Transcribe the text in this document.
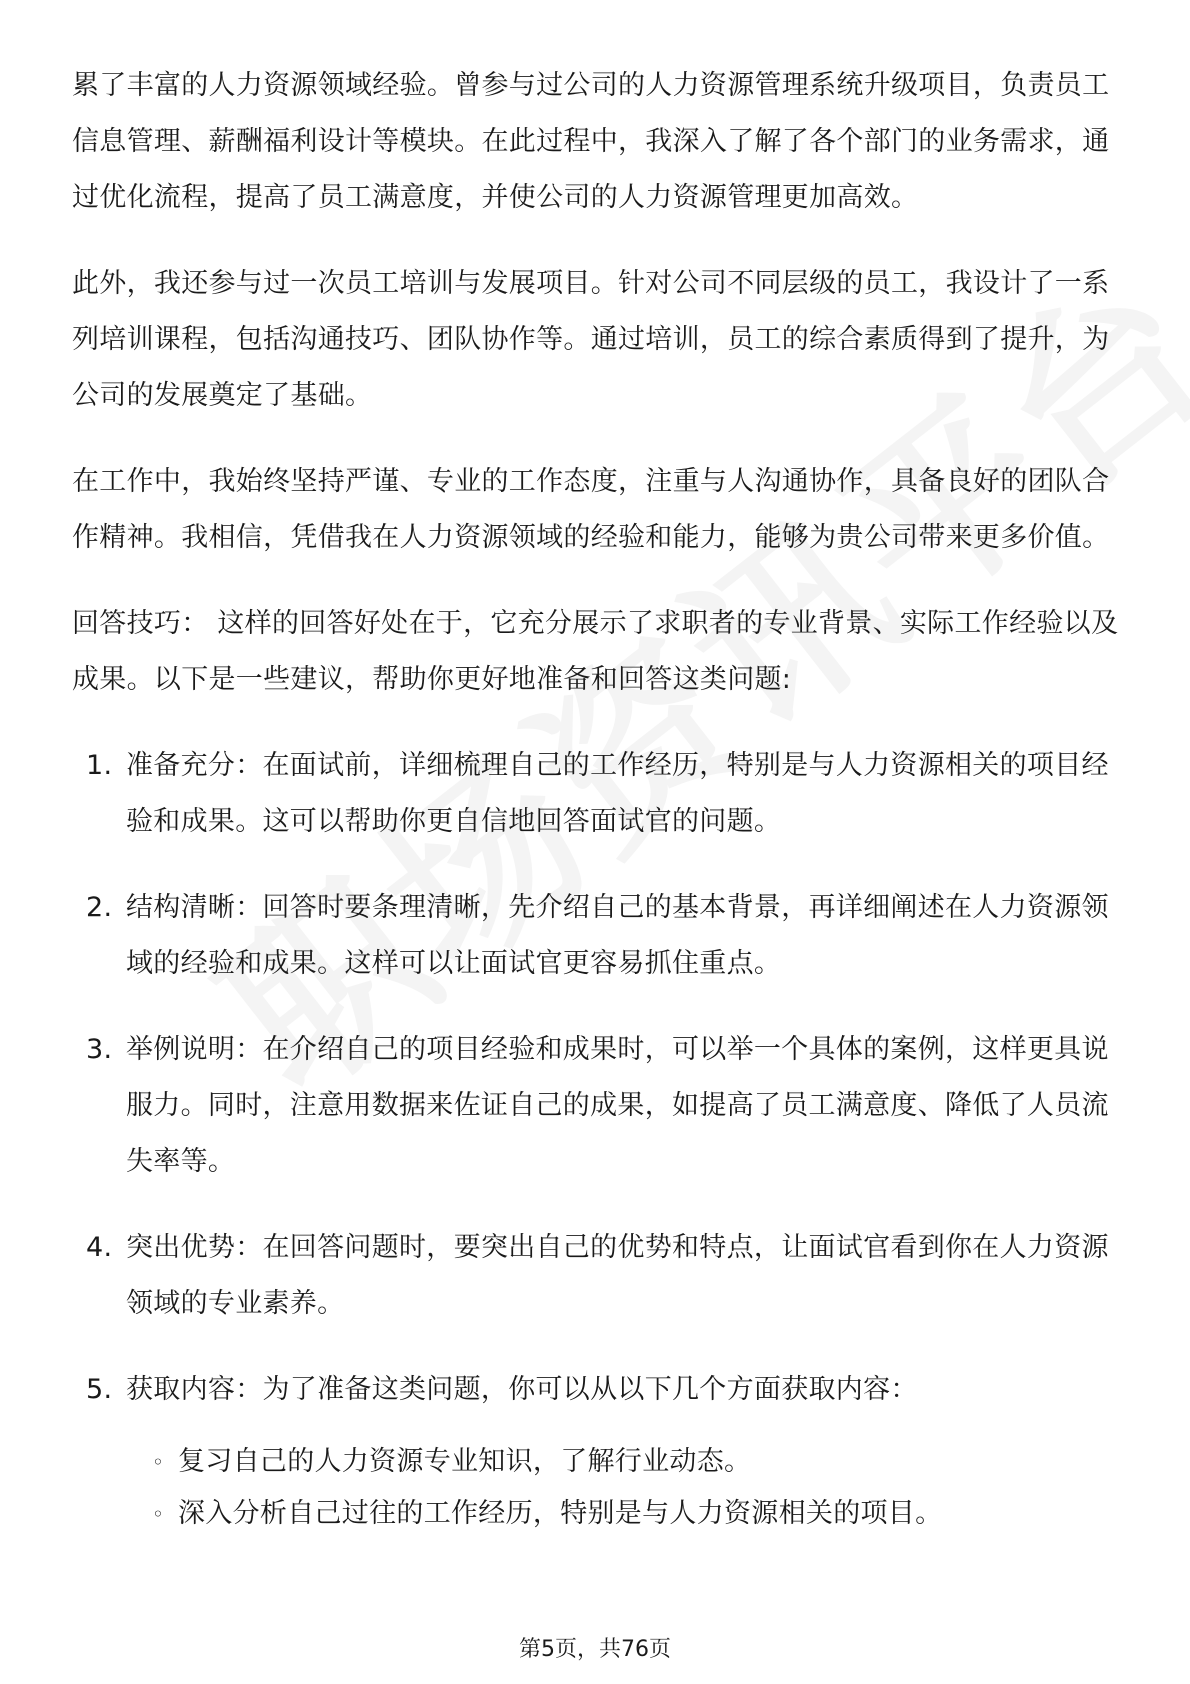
累了丰富的人力资源领域经验。曾参与过公司的人力资源管理系统升级项目，负责员工信息管理、薪酬福利设计等模块。在此过程中，我深入了解了各个部门的业务需求，通过优化流程，提高了员工满意度，并使公司的人力资源管理更加高效。

此外，我还参与过一次员工培训与发展项目。针对公司不同层级的员工，我设计了一系列培训课程，包括沟通技巧、团队协作等。通过培训，员工的综合素质得到了提升，为公司的发展奠定了基础。

在工作中，我始终坚持严谨、专业的工作态度，注重与人沟通协作，具备良好的团队合作精神。我相信，凭借我在人力资源领域的经验和能力，能够为贵公司带来更多价值。

回答技巧： 这样的回答好处在于，它充分展示了求职者的专业背景、实际工作经验以及成果。以下是一些建议，帮助你更好地准备和回答这类问题:

1. 准备充分：在面试前，详细梳理自己的工作经历，特别是与人力资源相关的项目经验和成果。这可以帮助你更自信地回答面试官的问题。
2. 结构清晰：回答时要条理清晰，先介绍自己的基本背景，再详细阐述在人力资源领域的经验和成果。这样可以让面试官更容易抓住重点。
3. 举例说明：在介绍自己的项目经验和成果时，可以举一个具体的案例，这样更具说服力。同时，注意用数据来佐证自己的成果，如提高了员工满意度、降低了人员流失率等。
4. 突出优势：在回答问题时，要突出自己的优势和特点，让面试官看到你在人力资源领域的专业素养。
5. 获取内容：为了准备这类问题，你可以从以下几个方面获取内容：
◦ 复习自己的人力资源专业知识，了解行业动态。
◦ 深入分析自己过往的工作经历，特别是与人力资源相关的项目。
第5页，共76页
